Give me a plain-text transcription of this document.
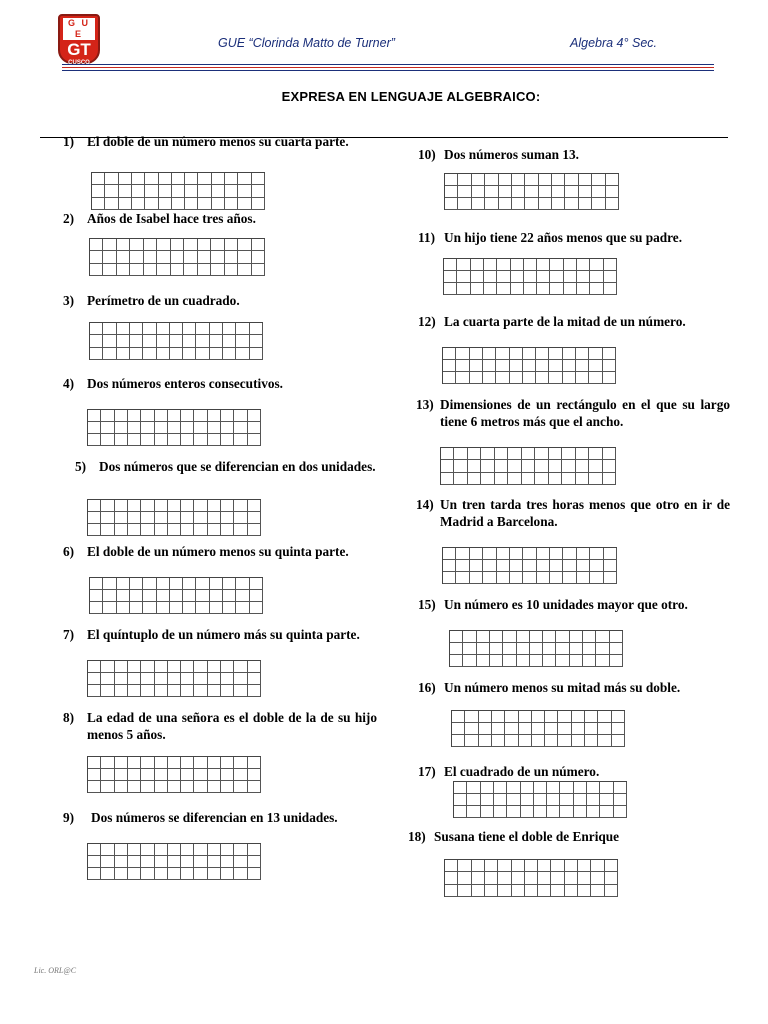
G U E
GT
CUSCO
GUE “Clorinda Matto de Turner”	Algebra 4° Sec.
EXPRESA EN LENGUAJE ALGEBRAICO:
1) El doble de un número menos su cuarta parte.
2) Años de Isabel hace tres años.
3) Perímetro de un cuadrado.
4) Dos números enteros consecutivos.
5) Dos números que se diferencian en dos unidades.
6) El doble de un número menos su quinta parte.
7) El quíntuplo de un número más su quinta parte.
8) La edad de una señora es el doble de la de su hijo menos 5 años.
9)	Dos números se diferencian en 13 unidades.
10) Dos números suman 13.
11) Un hijo tiene 22 años menos que su padre.
12) La cuarta parte de la mitad de un número.
13) Dimensiones de un rectángulo en el que su largo tiene 6 metros más que el ancho.
14) Un tren tarda tres horas menos que otro en ir de Madrid a Barcelona.
15) Un número es 10 unidades mayor que otro.
16) Un número menos su mitad más su doble.
17) El cuadrado de un número.
18) Susana tiene el doble de Enrique
Lic. ORL@C
